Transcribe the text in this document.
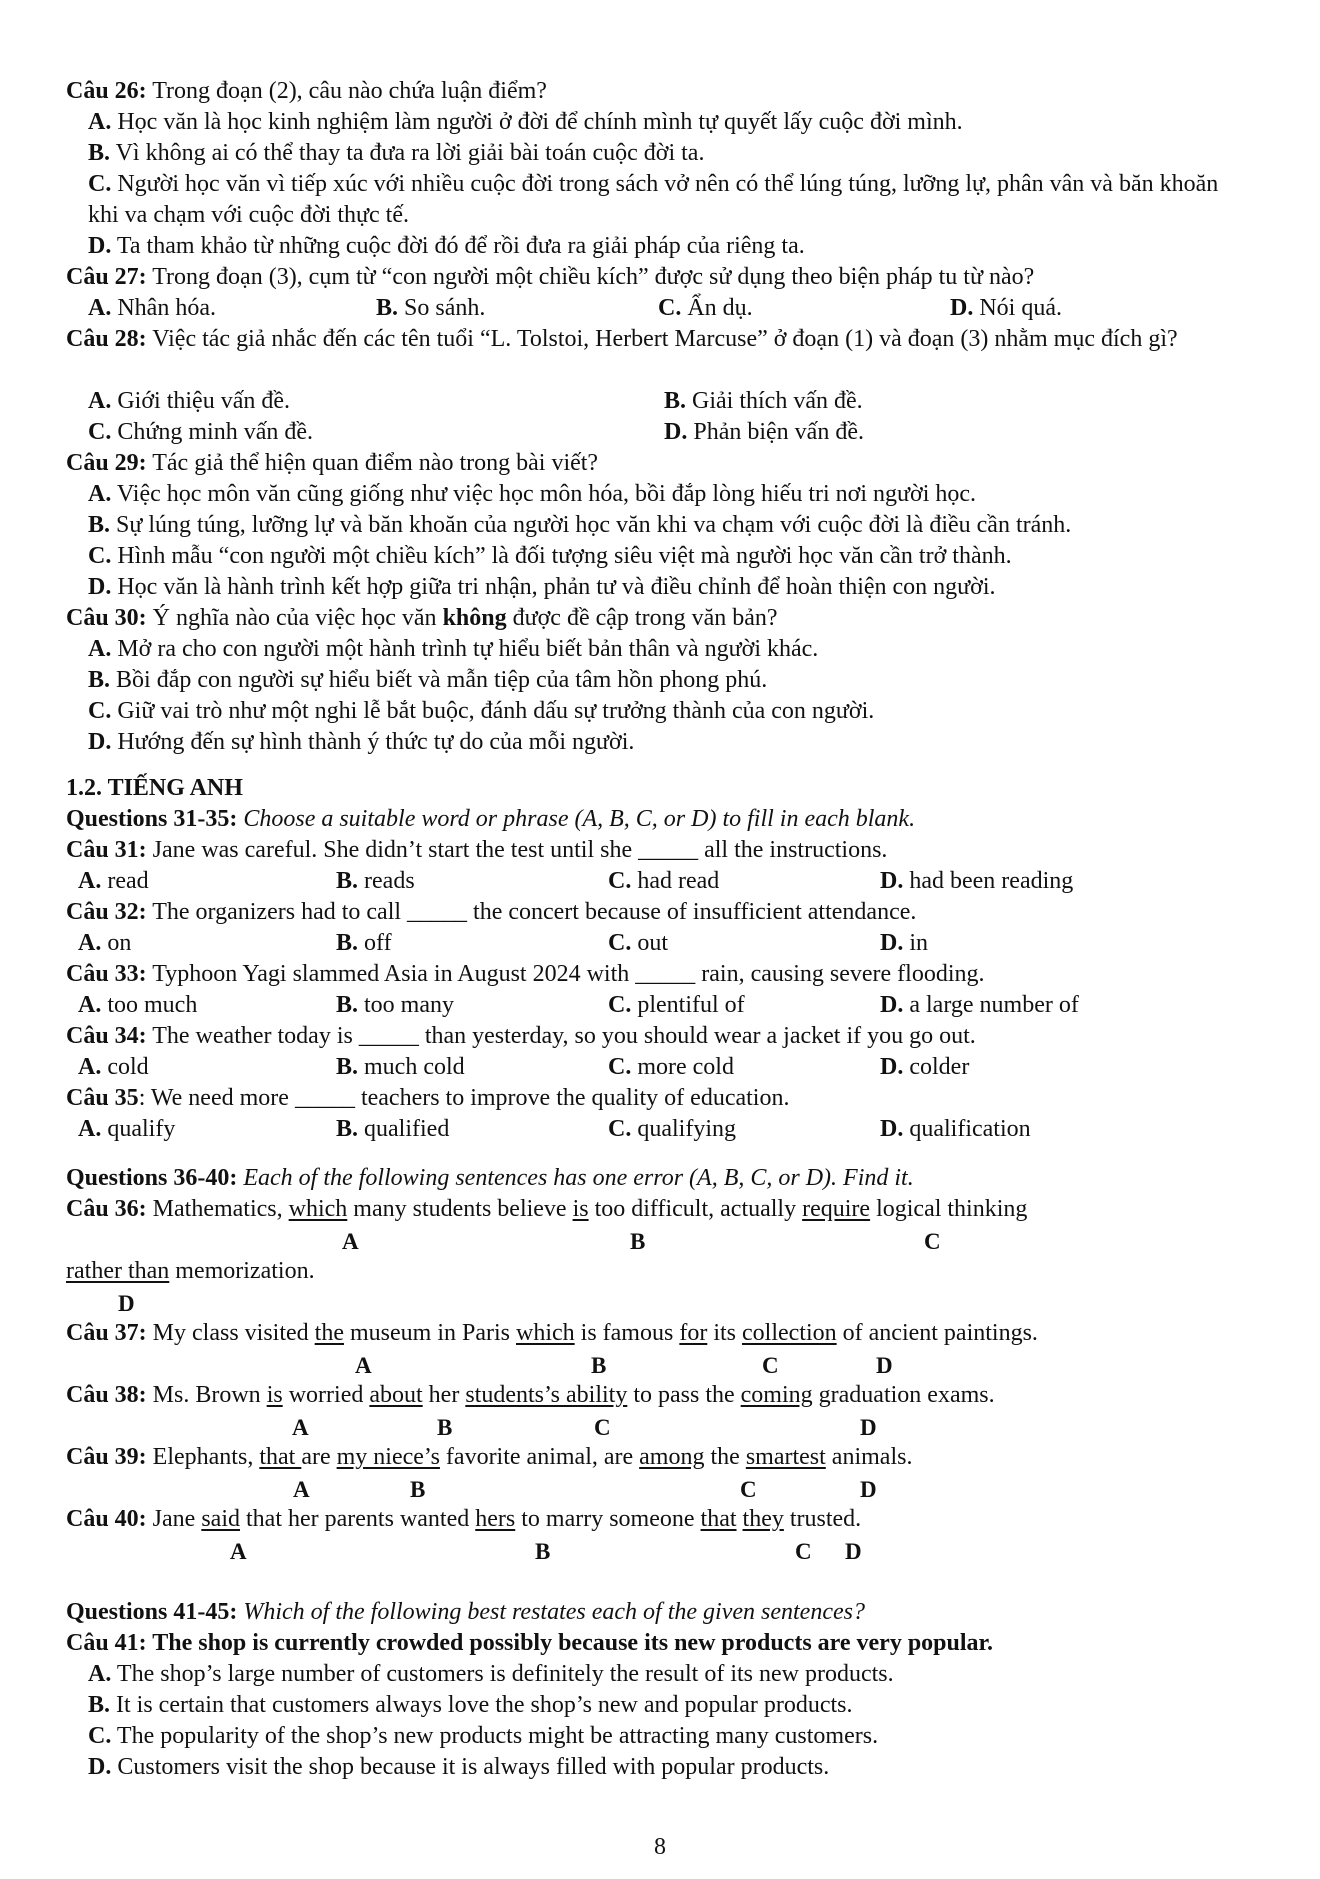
Câu 26: Trong đoạn (2), câu nào chứa luận điểm?
A. Học văn là học kinh nghiệm làm người ở đời để chính mình tự quyết lấy cuộc đời mình.
B. Vì không ai có thể thay ta đưa ra lời giải bài toán cuộc đời ta.
C. Người học văn vì tiếp xúc với nhiều cuộc đời trong sách vở nên có thể lúng túng, lưỡng lự, phân vân và băn khoăn khi va chạm với cuộc đời thực tế.
D. Ta tham khảo từ những cuộc đời đó để rồi đưa ra giải pháp của riêng ta.
Câu 27: Trong đoạn (3), cụm từ “con người một chiều kích” được sử dụng theo biện pháp tu từ nào?
A. Nhân hóa.	B. So sánh.	C. Ẩn dụ.	D. Nói quá.
Câu 28: Việc tác giả nhắc đến các tên tuổi “L. Tolstoi, Herbert Marcuse” ở đoạn (1) và đoạn (3) nhằm mục đích gì?
A. Giới thiệu vấn đề.	B. Giải thích vấn đề.
C. Chứng minh vấn đề.	D. Phản biện vấn đề.
Câu 29: Tác giả thể hiện quan điểm nào trong bài viết?
A. Việc học môn văn cũng giống như việc học môn hóa, bồi đắp lòng hiếu tri nơi người học.
B. Sự lúng túng, lưỡng lự và băn khoăn của người học văn khi va chạm với cuộc đời là điều cần tránh.
C. Hình mẫu “con người một chiều kích” là đối tượng siêu việt mà người học văn cần trở thành.
D. Học văn là hành trình kết hợp giữa tri nhận, phản tư và điều chỉnh để hoàn thiện con người.
Câu 30: Ý nghĩa nào của việc học văn không được đề cập trong văn bản?
A. Mở ra cho con người một hành trình tự hiểu biết bản thân và người khác.
B. Bồi đắp con người sự hiểu biết và mẫn tiệp của tâm hồn phong phú.
C. Giữ vai trò như một nghi lễ bắt buộc, đánh dấu sự trưởng thành của con người.
D. Hướng đến sự hình thành ý thức tự do của mỗi người.
1.2. TIẾNG ANH
Questions 31-35: Choose a suitable word or phrase (A, B, C, or D) to fill in each blank.
Câu 31: Jane was careful. She didn’t start the test until she _____ all the instructions.
A. read	B. reads	C. had read	D. had been reading
Câu 32: The organizers had to call _____ the concert because of insufficient attendance.
A. on	B. off	C. out	D. in
Câu 33: Typhoon Yagi slammed Asia in August 2024 with _____ rain, causing severe flooding.
A. too much	B. too many	C. plentiful of	D. a large number of
Câu 34: The weather today is _____ than yesterday, so you should wear a jacket if you go out.
A. cold	B. much cold	C. more cold	D. colder
Câu 35: We need more _____ teachers to improve the quality of education.
A. qualify	B. qualified	C. qualifying	D. qualification
Questions 36-40: Each of the following sentences has one error (A, B, C, or D). Find it.
Câu 36: Mathematics, which many students believe is too difficult, actually require logical thinking
A	B	C
rather than memorization.
D
Câu 37: My class visited the museum in Paris which is famous for its collection of ancient paintings.
A	B	C	D
Câu 38: Ms. Brown is worried about her students’s ability to pass the coming graduation exams.
A	B	C	D
Câu 39: Elephants, that are my niece’s favorite animal, are among the smartest animals.
A	B	C	D
Câu 40: Jane said that her parents wanted hers to marry someone that they trusted.
A	B	C D
Questions 41-45: Which of the following best restates each of the given sentences?
Câu 41: The shop is currently crowded possibly because its new products are very popular.
A. The shop’s large number of customers is definitely the result of its new products.
B. It is certain that customers always love the shop’s new and popular products.
C. The popularity of the shop’s new products might be attracting many customers.
D. Customers visit the shop because it is always filled with popular products.
8
